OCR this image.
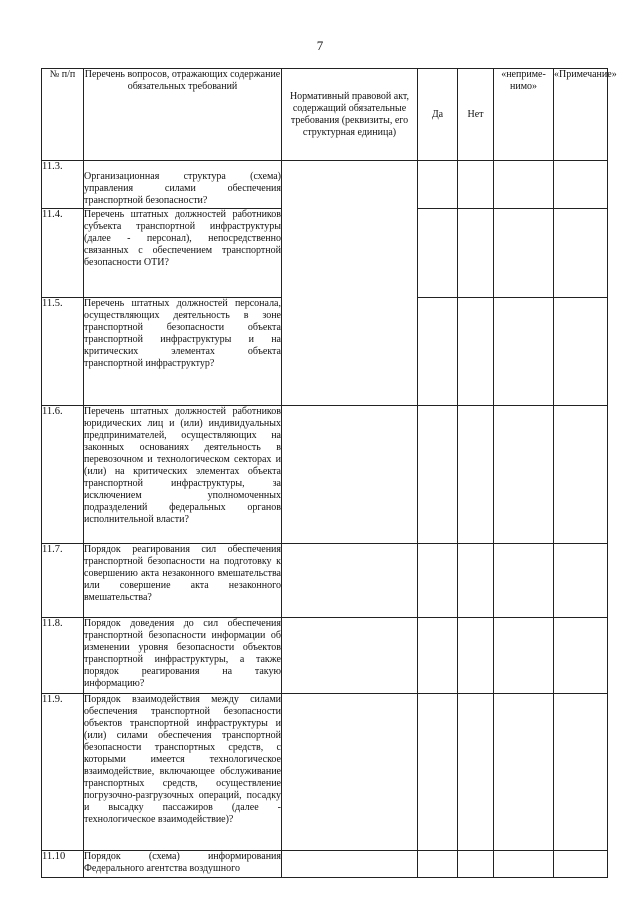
7
№ п/п	Перечень вопросов, отражающих содержание обязательных требований	Нормативный правовой акт, содержащий обязательные требования (реквизиты, его структурная единица)	Да	Нет	«неприме-нимо»	«Примечание»
11.3.	Организационная структура (схема) управления силами обеспечения транспортной безопасности?					
11.4.	Перечень штатных должностей работников субъекта транспортной инфраструктуры (далее - персонал), непосредственно связанных с обеспечением транспортной безопасности ОТИ?					
11.5.	Перечень штатных должностей персонала, осуществляющих деятельность в зоне транспортной безопасности объекта транспортной инфраструктуры и на критических элементах объекта транспортной инфраструктур?					
11.6.	Перечень штатных должностей работников юридических лиц и (или) индивидуальных предпринимателей, осуществляющих на законных основаниях деятельность в перевозочном и технологическом секторах и (или) на критических элементах объекта транспортной инфраструктуры, за исключением уполномоченных подразделений федеральных органов исполнительной власти?					
11.7.	Порядок реагирования сил обеспечения транспортной безопасности на подготовку к совершению акта незаконного вмешательства или совершение акта незаконного вмешательства?					
11.8.	Порядок доведения до сил обеспечения транспортной безопасности информации об изменении уровня безопасности объектов транспортной инфраструктуры, а также порядок реагирования на такую информацию?					
11.9.	Порядок взаимодействия между силами обеспечения транспортной безопасности объектов транспортной инфраструктуры и (или) силами обеспечения транспортной безопасности транспортных средств, с которыми имеется технологическое взаимодействие, включающее обслуживание транспортных средств, осуществление погрузочно-разгрузочных операций, посадку и высадку пассажиров (далее - технологическое взаимодействие)?					
11.10	Порядок (схема) информирования Федерального агентства воздушного					
